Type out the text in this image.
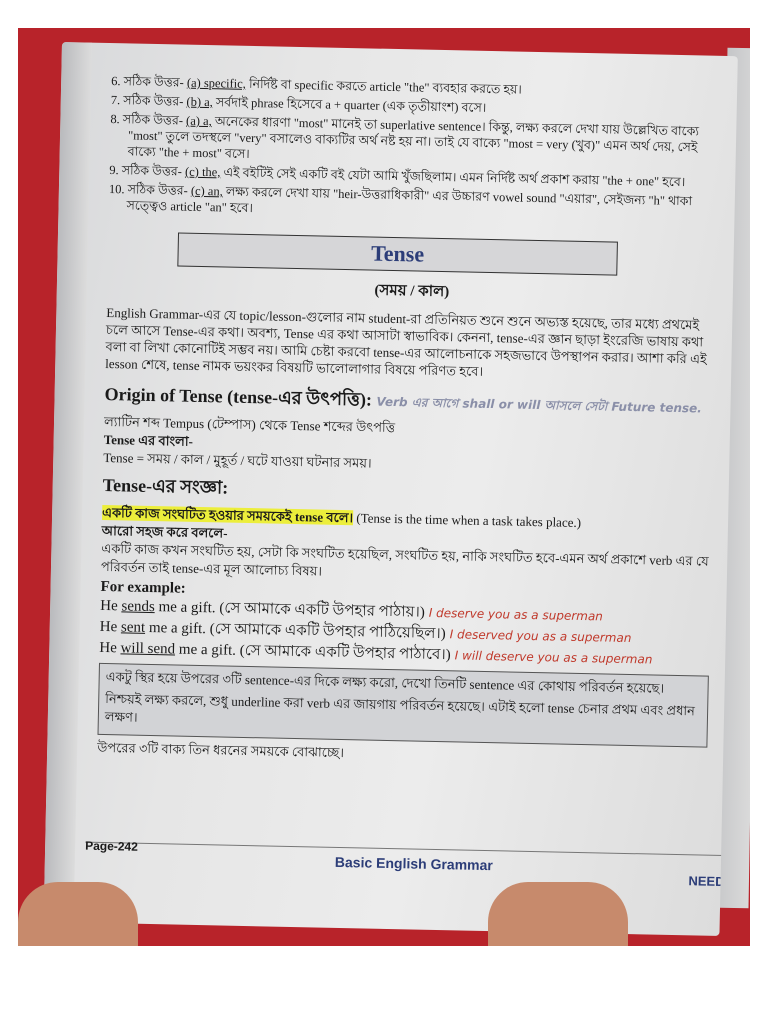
6. সঠিক উত্তর- (a) specific, নির্দিষ্ট বা specific করতে article "the" ব্যবহার করতে হয়।

7. সঠিক উত্তর- (b) a, সর্বদাই phrase হিসেবে a + quarter (এক তৃতীয়াংশ) বসে।

8. সঠিক উত্তর- (a) a, অনেকের ধারণা "most" মানেই তা superlative sentence। কিন্তু, লক্ষ্য করলে দেখা যায় উল্লেখিত বাক্যে "most" তুলে তদস্থলে "very" বসালেও বাক্যটির অর্থ নষ্ট হয় না। তাই যে বাক্যে "most = very (খুব)" এমন অর্থ দেয়, সেই বাক্যে "the + most" বসে।

9. সঠিক উত্তর- (c) the, এই বইটিই সেই একটি বই যেটা আমি খুঁজছিলাম। এমন নির্দিষ্ট অর্থ প্রকাশ করায় "the + one" হবে।

10. সঠিক উত্তর- (c) an, লক্ষ্য করলে দেখা যায় "heir-উত্তরাধিকারী" এর উচ্চারণ vowel sound "এয়ার", সেইজন্য "h" থাকা সত্ত্বেও article "an" হবে।

Tense
(সময় / কাল)

English Grammar-এর যে topic/lesson-গুলোর নাম student-রা প্রতিনিয়ত শুনে শুনে অভ্যস্ত হয়েছে, তার মধ্যে প্রথমেই চলে আসে Tense-এর কথা। অবশ্য, Tense এর কথা আসাটা স্বাভাবিক। কেননা, tense-এর জ্ঞান ছাড়া ইংরেজি ভাষায় কথা বলা বা লিখা কোনোটিই সম্ভব নয়। আমি চেষ্টা করবো tense-এর আলোচনাকে সহজভাবে উপস্থাপন করার। আশা করি এই lesson শেষে, tense নামক ভয়ংকর বিষয়টি ভালোলাগার বিষয়ে পরিণত হবে।

Origin of Tense (tense-এর উৎপত্তি): Verb এর আগে shall or will আসলে সেটা Future tense.

ল্যাটিন শব্দ Tempus (টেম্পাস) থেকে Tense শব্দের উৎপত্তি

Tense এর বাংলা-

Tense = সময় / কাল / মুহূর্ত / ঘটে যাওয়া ঘটনার সময়।

Tense-এর সংজ্ঞা:

একটি কাজ সংঘটিত হওয়ার সময়কেই tense বলে। (Tense is the time when a task takes place.)

আরো সহজ করে বললে-

একটি কাজ কখন সংঘটিত হয়, সেটা কি সংঘটিত হয়েছিল, সংঘটিত হয়, নাকি সংঘটিত হবে-এমন অর্থ প্রকাশে verb এর যে পরিবর্তন তাই tense-এর মূল আলোচ্য বিষয়।

For example:

He sends me a gift. (সে আমাকে একটি উপহার পাঠায়।) I deserve you as a superman

He sent me a gift. (সে আমাকে একটি উপহার পাঠিয়েছিল।) I deserved you as a superman

He will send me a gift. (সে আমাকে একটি উপহার পাঠাবে।) I will deserve you as a superman

একটু স্থির হয়ে উপরের ৩টি sentence-এর দিকে লক্ষ্য করো, দেখো তিনটি sentence এর কোথায় পরিবর্তন হয়েছে।

নিশ্চয়ই লক্ষ্য করলে, শুধু underline করা verb এর জায়গায় পরিবর্তন হয়েছে। এটাই হলো tense চেনার প্রথম এবং প্রধান লক্ষণ।

উপরের ৩টি বাক্য তিন ধরনের সময়কে বোঝাচ্ছে।

Page-242
Basic English Grammar
NEED
